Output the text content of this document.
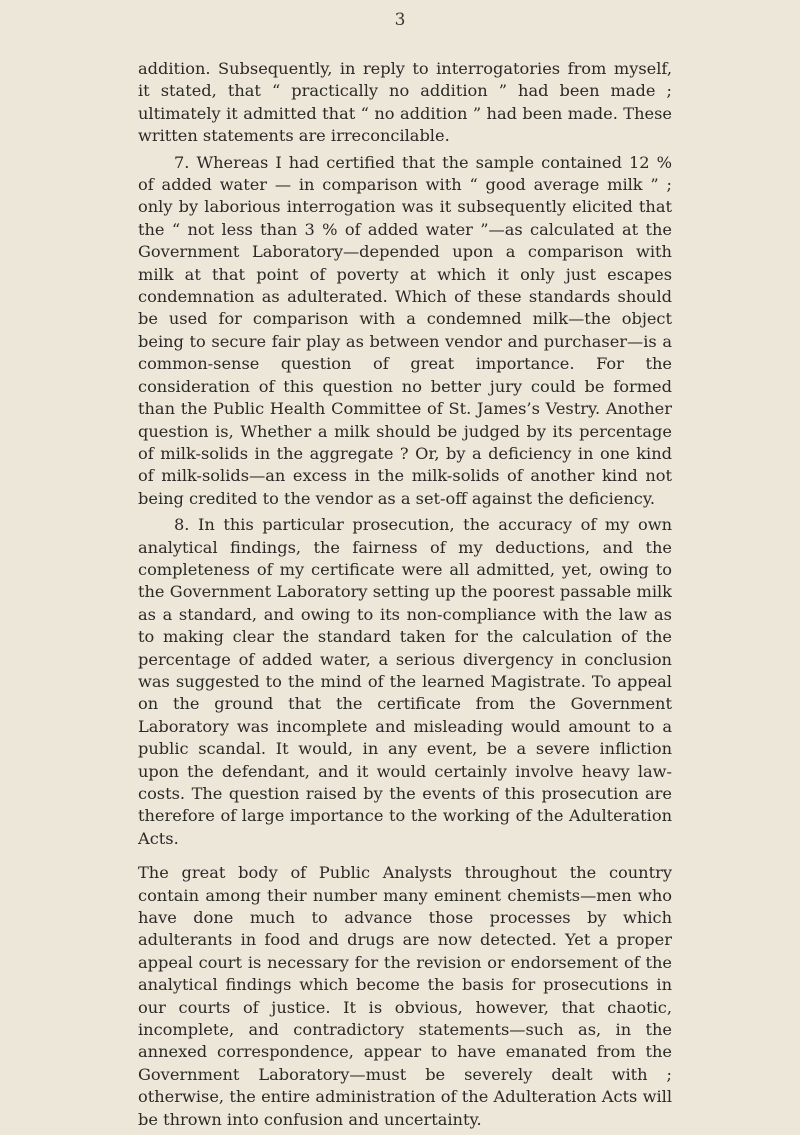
3

addition. Subsequently, in reply to interrogatories from myself, it stated, that “ practically no addition ” had been made ; ultimately it admitted that “ no addition ” had been made. These written statements are irreconcilable.

7. Whereas I had certified that the sample contained 12 % of added water — in comparison with “ good average milk ” ; only by laborious interrogation was it subsequently elicited that the “ not less than 3 % of added water ”—as calculated at the Government Laboratory—depended upon a comparison with milk at that point of poverty at which it only just escapes condemnation as adulterated. Which of these standards should be used for comparison with a condemned milk—the object being to secure fair play as between vendor and purchaser—is a common-sense question of great importance. For the consideration of this question no better jury could be formed than the Public Health Committee of St. James’s Vestry. Another question is, Whether a milk should be judged by its percentage of milk-solids in the aggregate ? Or, by a deficiency in one kind of milk-solids—an excess in the milk-solids of another kind not being credited to the vendor as a set-off against the deficiency.

8. In this particular prosecution, the accuracy of my own analytical findings, the fairness of my deductions, and the completeness of my certificate were all admitted, yet, owing to the Government Laboratory setting up the poorest passable milk as a standard, and owing to its non-compliance with the law as to making clear the standard taken for the calculation of the percentage of added water, a serious divergency in conclusion was suggested to the mind of the learned Magistrate. To appeal on the ground that the certificate from the Government Laboratory was incomplete and misleading would amount to a public scandal. It would, in any event, be a severe infliction upon the defendant, and it would certainly involve heavy law-costs. The question raised by the events of this prosecution are therefore of large importance to the working of the Adulteration Acts.

The great body of Public Analysts throughout the country contain among their number many eminent chemists—men who have done much to advance those processes by which adulterants in food and drugs are now detected. Yet a proper appeal court is necessary for the revision or endorsement of the analytical findings which become the basis for prosecutions in our courts of justice. It is obvious, however, that chaotic, incomplete, and contradictory statements—such as, in the annexed correspondence, appear to have emanated from the Government Laboratory—must be severely dealt with ; otherwise, the entire administration of the Adulteration Acts will be thrown into confusion and uncertainty.
